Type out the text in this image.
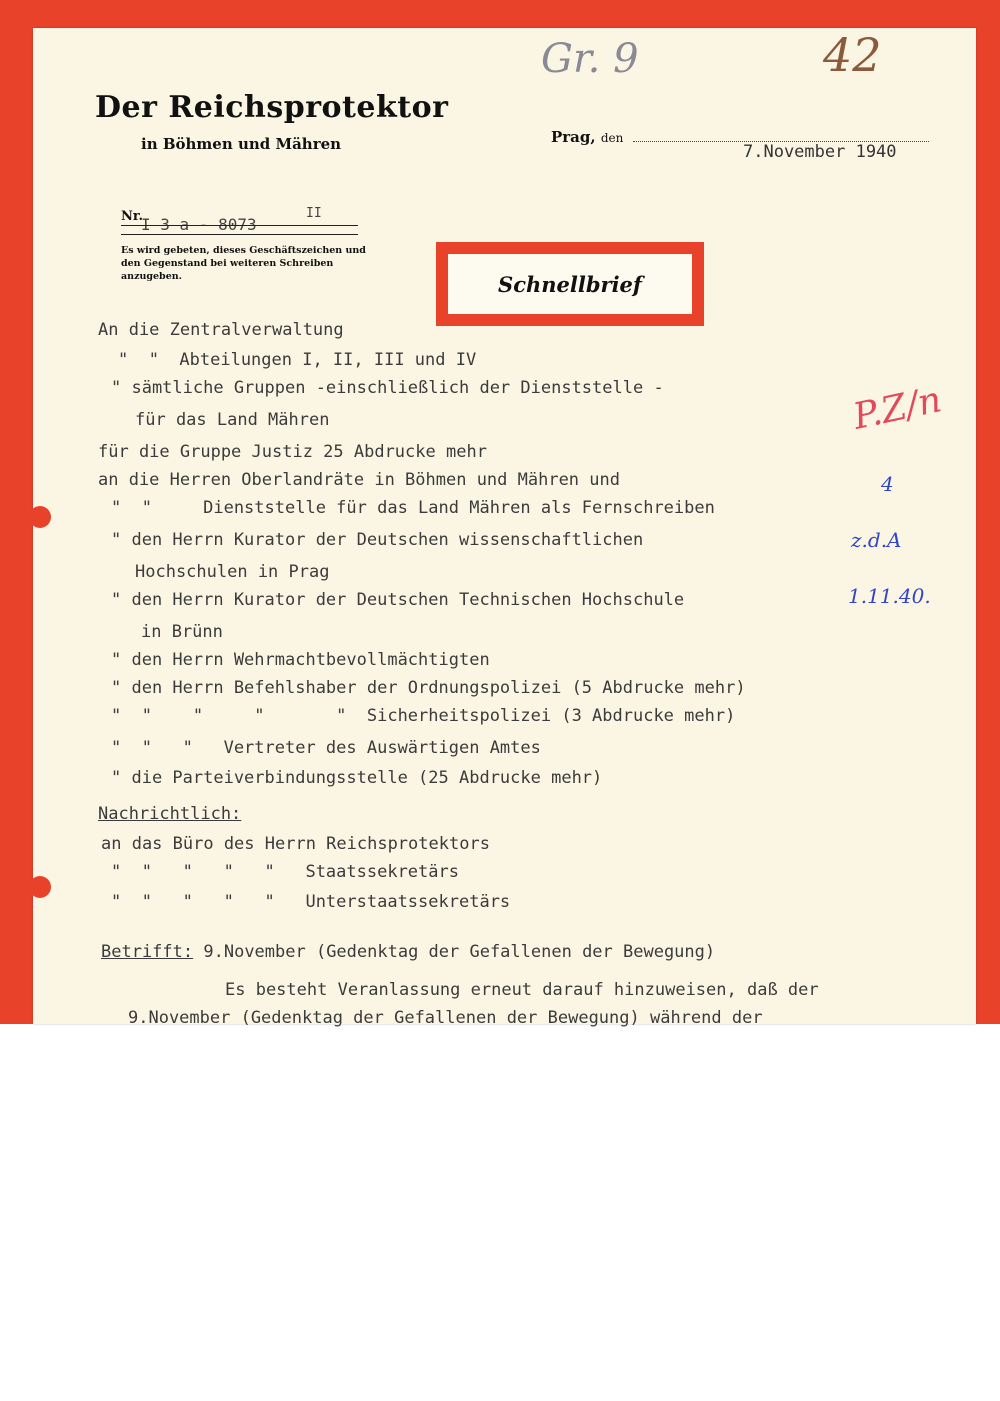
Gr. 9	42
P.Z/n
4
z.d.A
1.11.40.
Der Reichsprotektor
in Böhmen und Mähren	Prag, den
7.November 1940
Nr.
I 3 a - 8073
II
Es wird gebeten, dieses Geschäftszeichen und den Gegenstand bei weiteren Schreiben anzugeben.	Schnellbrief
An die Zentralverwaltung
"  "  Abteilungen I, II, III und IV
" sämtliche Gruppen -einschließlich der Dienststelle -
für das Land Mähren
für die Gruppe Justiz 25 Abdrucke mehr
an die Herren Oberlandräte in Böhmen und Mähren und
"  "     Dienststelle für das Land Mähren als Fernschreiben
" den Herrn Kurator der Deutschen wissenschaftlichen
Hochschulen in Prag
" den Herrn Kurator der Deutschen Technischen Hochschule
in Brünn
" den Herrn Wehrmachtbevollmächtigten
" den Herrn Befehlshaber der Ordnungspolizei (5 Abdrucke mehr)
"  "    "     "       "  Sicherheitspolizei (3 Abdrucke mehr)
"  "   "   Vertreter des Auswärtigen Amtes
" die Parteiverbindungsstelle (25 Abdrucke mehr)
Nachrichtlich:
an das Büro des Herrn Reichsprotektors
"  "   "   "   "   Staatssekretärs
"  "   "   "   "   Unterstaatssekretärs
Betrifft: 9.November (Gedenktag der Gefallenen der Bewegung)
Es besteht Veranlassung erneut darauf hinzuweisen, daß der
9.November (Gedenktag der Gefallenen der Bewegung) während der
